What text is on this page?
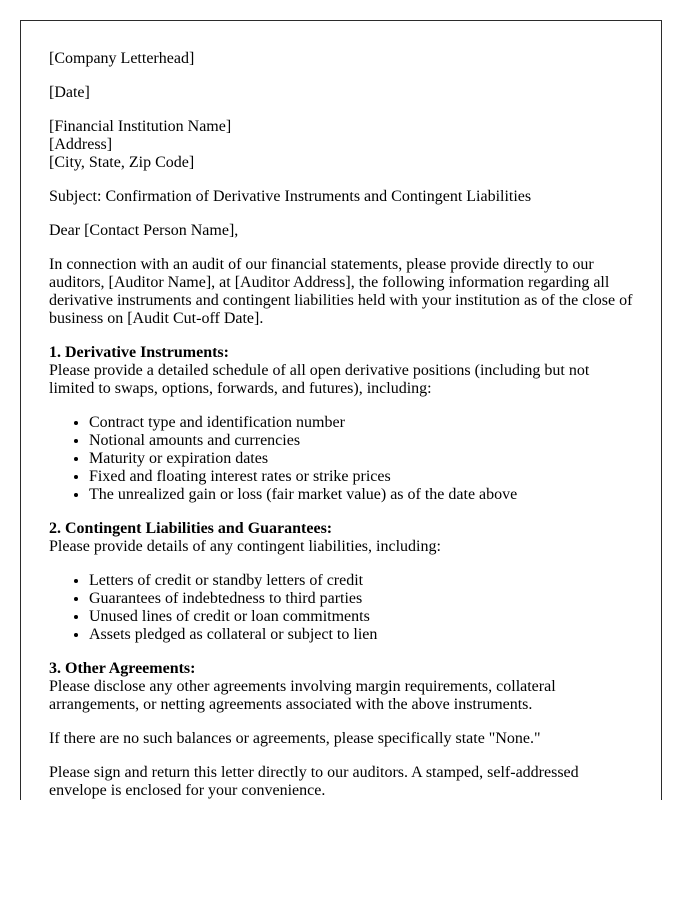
[Company Letterhead]

[Date]

[Financial Institution Name]
[Address]
[City, State, Zip Code]

Subject: Confirmation of Derivative Instruments and Contingent Liabilities

Dear [Contact Person Name],

In connection with an audit of our financial statements, please provide directly to our auditors, [Auditor Name], at [Auditor Address], the following information regarding all derivative instruments and contingent liabilities held with your institution as of the close of business on [Audit Cut-off Date].

1. Derivative Instruments:
Please provide a detailed schedule of all open derivative positions (including but not limited to swaps, options, forwards, and futures), including:

• Contract type and identification number
• Notional amounts and currencies
• Maturity or expiration dates
• Fixed and floating interest rates or strike prices
• The unrealized gain or loss (fair market value) as of the date above

2. Contingent Liabilities and Guarantees:
Please provide details of any contingent liabilities, including:

• Letters of credit or standby letters of credit
• Guarantees of indebtedness to third parties
• Unused lines of credit or loan commitments
• Assets pledged as collateral or subject to lien

3. Other Agreements:
Please disclose any other agreements involving margin requirements, collateral arrangements, or netting agreements associated with the above instruments.

If there are no such balances or agreements, please specifically state "None."

Please sign and return this letter directly to our auditors. A stamped, self-addressed envelope is enclosed for your convenience.
